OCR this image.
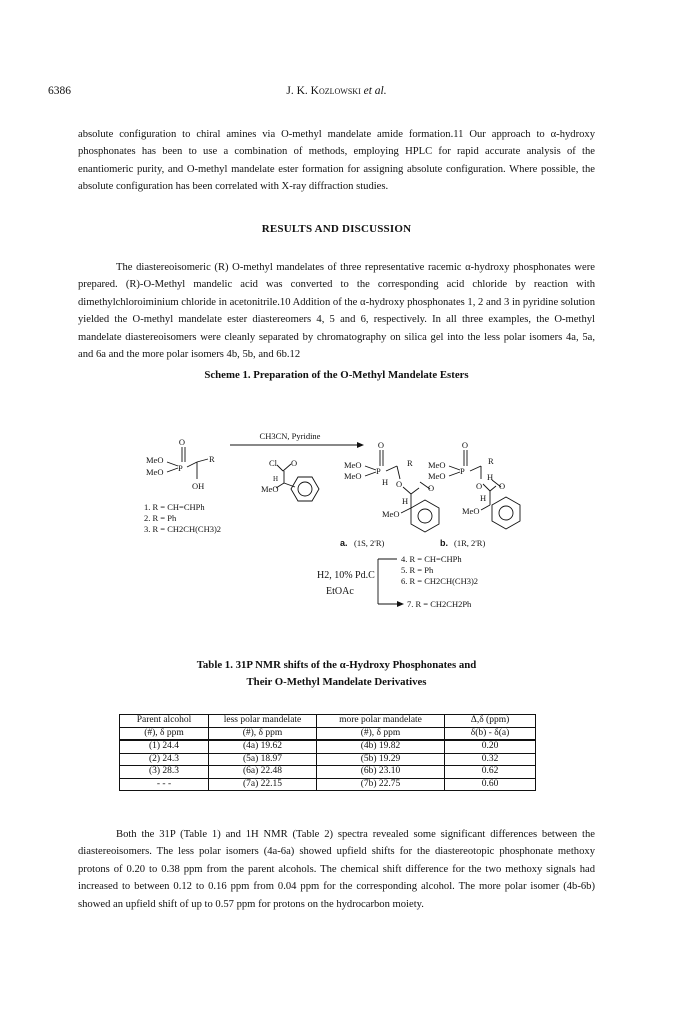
6386	J. K. Kozlowski et al.

absolute configuration to chiral amines via O-methyl mandelate amide formation.11 Our approach to α-hydroxy phosphonates has been to use a combination of methods, employing HPLC for rapid accurate analysis of the enantiomeric purity, and O-methyl mandelate ester formation for assigning absolute configuration. Where possible, the absolute configuration has been correlated with X-ray diffraction studies.

RESULTS AND DISCUSSION

The diastereoisomeric (R) O-methyl mandelates of three representative racemic α-hydroxy phosphonates were prepared. (R)-O-Methyl mandelic acid was converted to the corresponding acid chloride by reaction with dimethylchloroiminium chloride in acetonitrile.10 Addition of the α-hydroxy phosphonates 1, 2 and 3 in pyridine solution yielded the O-methyl mandelate ester diastereomers 4, 5 and 6, respectively. In all three examples, the O-methyl mandelate diastereoisomers were cleanly separated by chromatography on silica gel into the less polar isomers 4a, 5a, and 6a and the more polar isomers 4b, 5b, and 6b.12

Scheme 1. Preparation of the O-Methyl Mandelate Esters
O
MeO
MeO P
R
OH
1. R = CH=CHPh
2. R = Ph
3. R = CH2CH(CH3)2
CH3CN, Pyridine
Cl O
H
MeO
O
MeO
MeO P
R
H O	O
H
MeO
O
MeO
MeO P
R
H
O O
H
MeO
a. (1S, 2'R)	b. (1R, 2'R)
H2, 10% Pd.C
EtOAc
4. R = CH=CHPh
5. R = Ph
6. R = CH2CH(CH3)2
7. R = CH2CH2Ph
Table 1. 31P NMR shifts of the α-Hydroxy Phosphonates and
Their O-Methyl Mandelate Derivatives
Parent alcohol	less polar mandelate	more polar mandelate	Δ,δ (ppm)
(#), δ ppm	(#), δ ppm	(#), δ ppm	δ(b) - δ(a)
(1) 24.4	(4a) 19.62	(4b) 19.82	0.20
(2) 24.3	(5a) 18.97	(5b) 19.29	0.32
(3) 28.3	(6a) 22.48	(6b) 23.10	0.62
- - -	(7a) 22.15	(7b) 22.75	0.60

Both the 31P (Table 1) and 1H NMR (Table 2) spectra revealed some significant differences between the diastereoisomers. The less polar isomers (4a-6a) showed upfield shifts for the diastereotopic phosphonate methoxy protons of 0.20 to 0.38 ppm from the parent alcohols. The chemical shift difference for the two methoxy signals had increased to between 0.12 to 0.16 ppm from 0.04 ppm for the corresponding alcohol. The more polar isomer (4b-6b) showed an upfield shift of up to 0.57 ppm for protons on the hydrocarbon moiety.
